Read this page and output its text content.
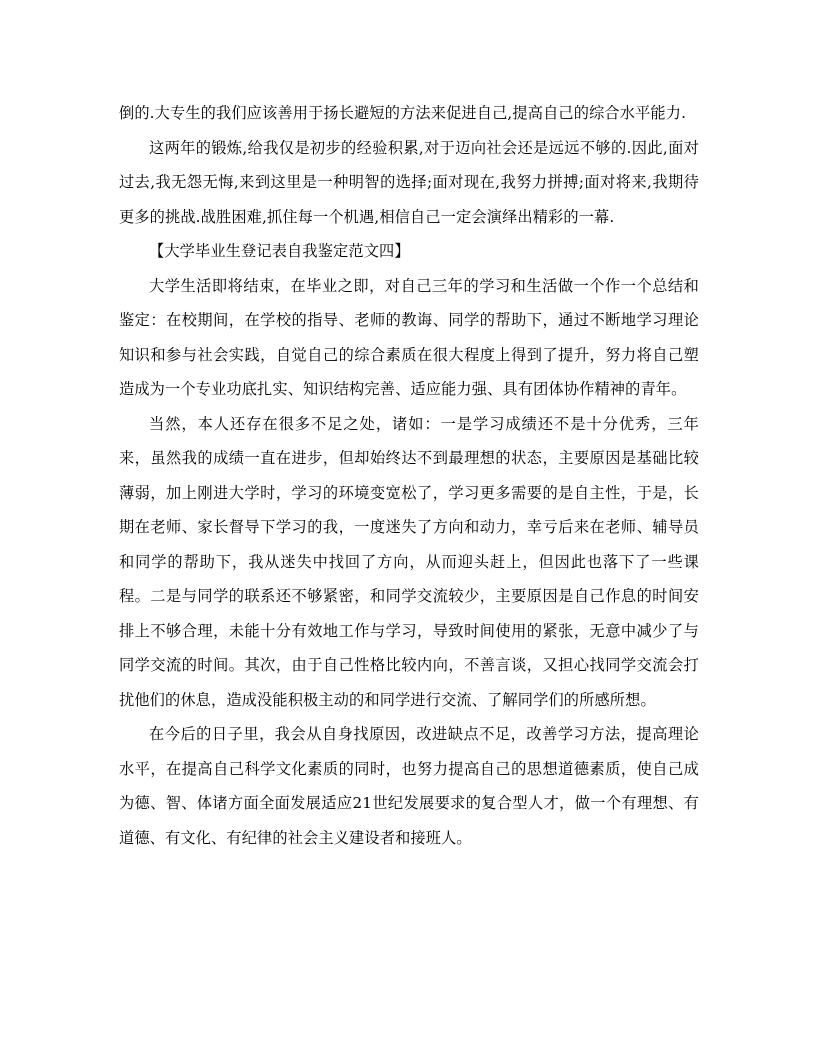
倒的.大专生的我们应该善用于扬长避短的方法来促进自己,提高自己的综合水平能力.

这两年的锻炼,给我仅是初步的经验积累,对于迈向社会还是远远不够的.因此,面对过去,我无怨无悔,来到这里是一种明智的选择;面对现在,我努力拼搏;面对将来,我期待更多的挑战.战胜困难,抓住每一个机遇,相信自己一定会演绎出精彩的一幕.

【大学毕业生登记表自我鉴定范文四】

大学生活即将结束，在毕业之即，对自己三年的学习和生活做一个作一个总结和鉴定：在校期间，在学校的指导、老师的教诲、同学的帮助下，通过不断地学习理论知识和参与社会实践，自觉自己的综合素质在很大程度上得到了提升，努力将自己塑造成为一个专业功底扎实、知识结构完善、适应能力强、具有团体协作精神的青年。

当然，本人还存在很多不足之处，诸如：一是学习成绩还不是十分优秀，三年来，虽然我的成绩一直在进步，但却始终达不到最理想的状态，主要原因是基础比较薄弱，加上刚进大学时，学习的环境变宽松了，学习更多需要的是自主性，于是，长期在老师、家长督导下学习的我，一度迷失了方向和动力，幸亏后来在老师、辅导员和同学的帮助下，我从迷失中找回了方向，从而迎头赶上，但因此也落下了一些课程。二是与同学的联系还不够紧密，和同学交流较少，主要原因是自己作息的时间安排上不够合理，未能十分有效地工作与学习，导致时间使用的紧张，无意中减少了与同学交流的时间。其次，由于自己性格比较内向，不善言谈，又担心找同学交流会打扰他们的休息，造成没能积极主动的和同学进行交流、了解同学们的所感所想。

在今后的日子里，我会从自身找原因，改进缺点不足，改善学习方法，提高理论水平，在提高自己科学文化素质的同时，也努力提高自己的思想道德素质，使自己成为德、智、体诸方面全面发展适应21世纪发展要求的复合型人才，做一个有理想、有道德、有文化、有纪律的社会主义建设者和接班人。
